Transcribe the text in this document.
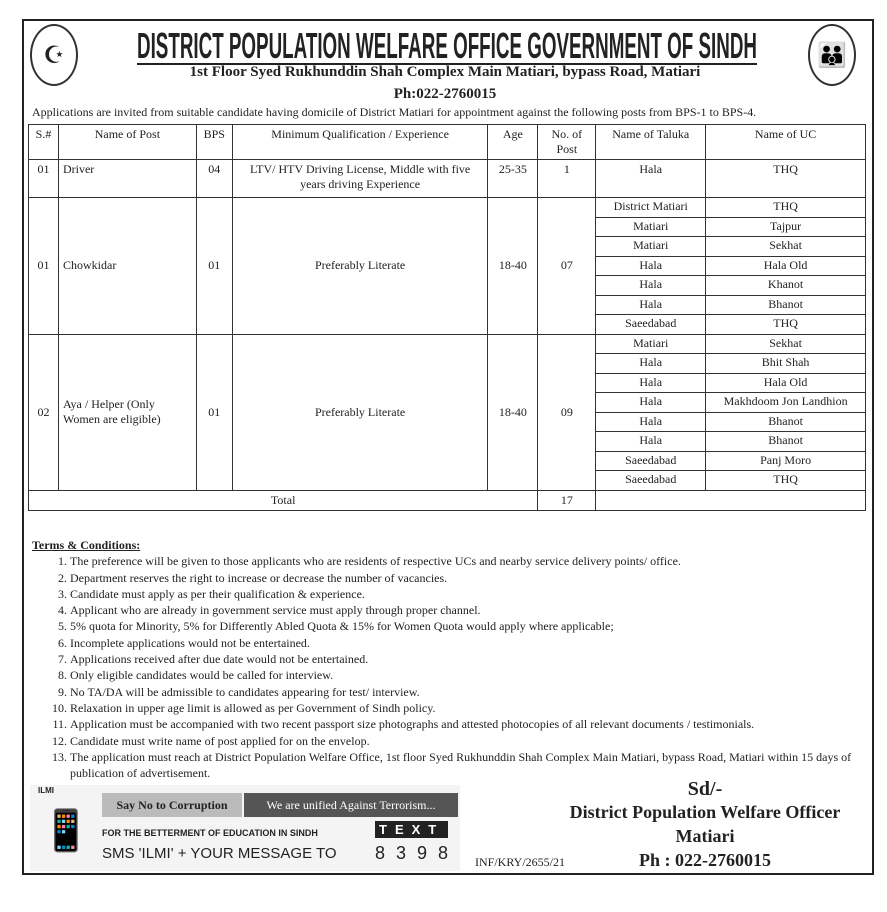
☪	👪
DISTRICT POPULATION WELFARE OFFICE GOVERNMENT OF SINDH
1st Floor Syed Rukhunddin Shah Complex Main Matiari, bypass Road, Matiari
Ph:022-2760015
Applications are invited from suitable candidate having domicile of District Matiari for appointment against the following posts from BPS-1 to BPS-4.
S.#	Name of Post	BPS	Minimum Qualification / Experience	Age	No. of Post	Name of Taluka	Name of UC
01	Driver	04	LTV/ HTV Driving License, Middle with five years driving Experience	25-35	1	Hala	THQ
01	Chowkidar	01	Preferably Literate	18-40	07	District Matiari	THQ
						Matiari	Tajpur
						Matiari	Sekhat
						Hala	Hala Old
						Hala	Khanot
						Hala	Bhanot
						Saeedabad	THQ
02	Aya / Helper (Only Women are eligible)	01	Preferably Literate	18-40	09	Matiari	Sekhat
						Hala	Bhit Shah
						Hala	Hala Old
						Hala	Makhdoom Jon Landhion
						Hala	Bhanot
						Hala	Bhanot
						Saeedabad	Panj Moro
						Saeedabad	THQ
Total					17		
Terms & Conditions:
1. The preference will be given to those applicants who are residents of respective UCs and nearby service delivery points/ office.
2. Department reserves the right to increase or decrease the number of vacancies.
3. Candidate must apply as per their qualification & experience.
4. Applicant who are already in government service must apply through proper channel.
5. 5% quota for Minority, 5% for Differently Abled Quota & 15% for Women Quota would apply where applicable;
6. Incomplete applications would not be entertained.
7. Applications received after due date would not be entertained.
8. Only eligible candidates would be called for interview.
9. No TA/DA will be admissible to candidates appearing for test/ interview.
10. Relaxation in upper age limit is allowed as per Government of Sindh policy.
11. Application must be accompanied with two recent passport size photographs and attested photocopies of all relevant documents / testimonials.
12. Candidate must write name of post applied for on the envelop.
13. The application must reach at District Population Welfare Office, 1st floor Syed Rukhunddin Shah Complex Main Matiari, bypass Road, Matiari within 15 days of publication of advertisement.
ILMI
📱
Say No to Corruption	We are unified Against Terrorism...
FOR THE BETTERMENT OF EDUCATION IN SINDH	TEXT
SMS 'ILMI' + YOUR MESSAGE TO 8 3 9 8 INF/KRY/2655/21
Sd/-
District Population Welfare Officer
Matiari
Ph : 022-2760015
